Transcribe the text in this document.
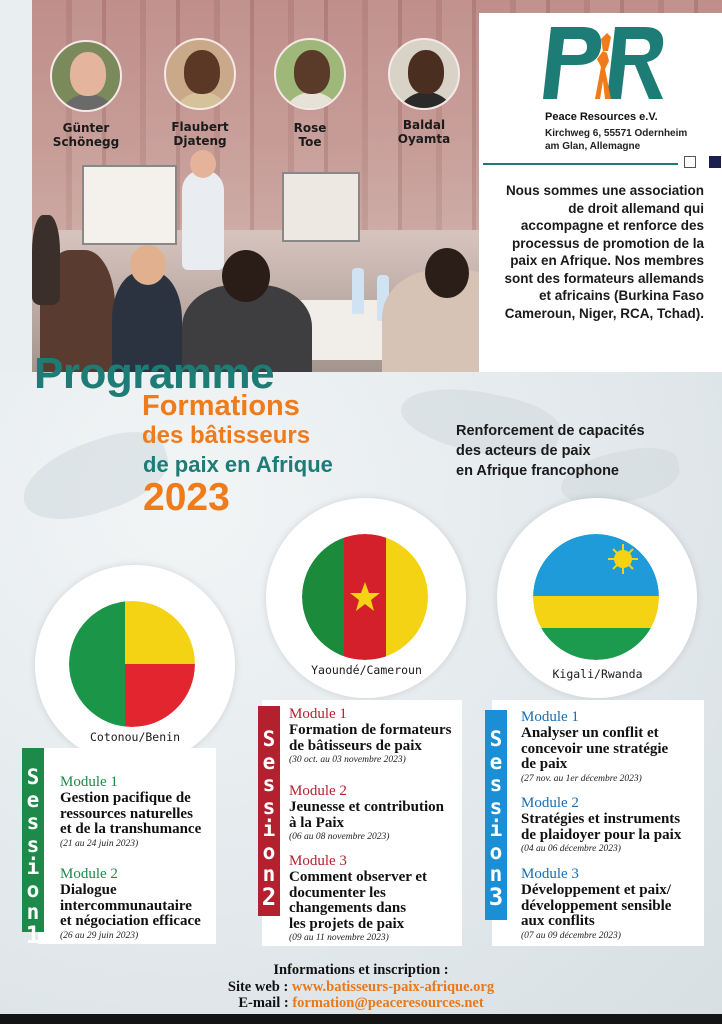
Günter
Schönegg
Flaubert
Djateng
Rose
Toe
Baldal
Oyamta
Peace Resources e.V.
Kirchweg 6, 55571 Odernheim
am Glan, Allemagne
Nous sommes une association de droit allemand qui accompagne et renforce des processus de promotion de la paix en Afrique. Nos membres sont des formateurs allemands et africains (Burkina Faso Cameroun, Niger, RCA, Tchad).
Programme
Formations
des bâtisseurs
de paix en Afrique
2023
Renforcement de capacités
des acteurs de paix
en Afrique francophone
Cotonou/Benin
Yaoundé/Cameroun	Kigali/Rwanda
S
e
s
s
i
o
n
1
Module 1
Gestion pacifique de
ressources naturelles
et de la transhumance
(21 au 24 juin 2023)
Module 2
Dialogue
intercommunautaire
et négociation efficace
(26 au 29 juin 2023)
S
e
s
s
i
o
n
2
Module 1
Formation de formateurs
de bâtisseurs de paix
(30 oct. au 03 novembre 2023)
Module 2
Jeunesse et contribution
à la Paix
(06 au 08 novembre 2023)
Module 3
Comment observer et
documenter les
changements dans
les projets de paix
(09 au 11 novembre 2023)
S
e
s
s
i
o
n
3
Module 1
Analyser un conflit et
concevoir une stratégie
de paix
(27 nov. au 1er décembre 2023)
Module 2
Stratégies et instruments
de plaidoyer pour la paix
(04 au 06 décembre 2023)
Module 3
Développement et paix/
développement sensible
aux conflits
(07 au 09 décembre 2023)
Informations et inscription :
Site web : www.batisseurs-paix-afrique.org
E-mail : formation@peaceresources.net
